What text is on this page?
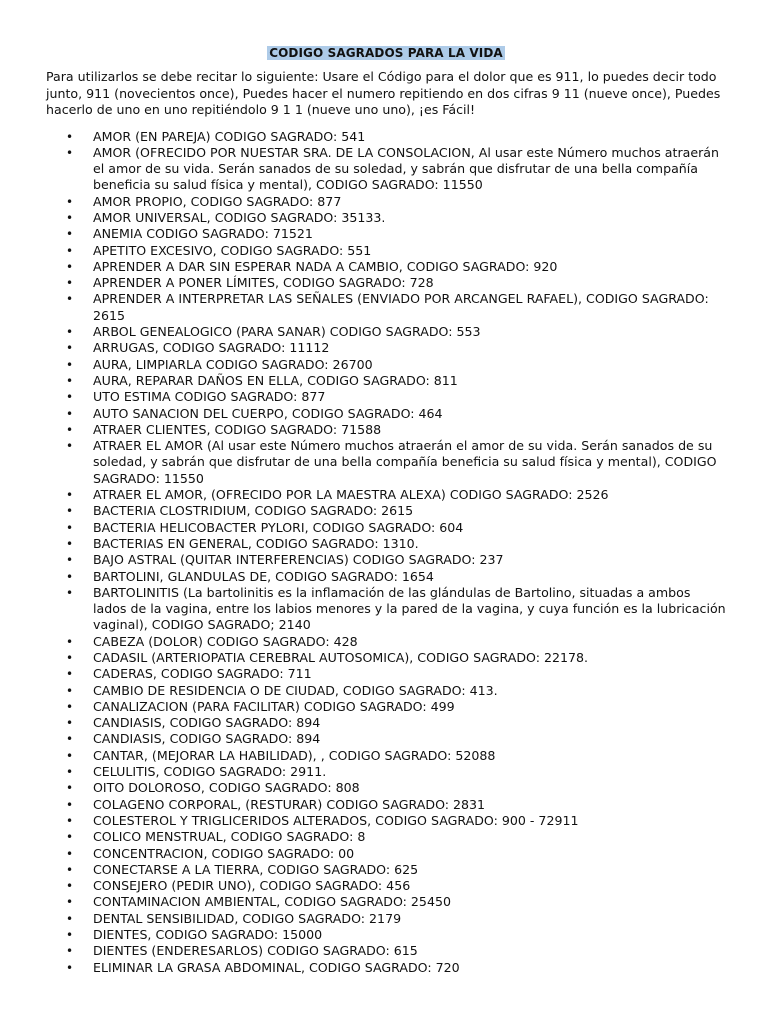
CODIGO SAGRADOS PARA LA VIDA

Para utilizarlos se debe recitar lo siguiente: Usare el Código para el dolor que es 911, lo puedes decir todo junto, 911 (novecientos once), Puedes hacer el numero repitiendo en dos cifras 9 11 (nueve once), Puedes hacerlo de uno en uno repitiéndolo 9 1 1 (nueve uno uno), ¡es Fácil!

• AMOR (EN PAREJA) CODIGO SAGRADO: 541
• AMOR (OFRECIDO POR NUESTAR SRA. DE LA CONSOLACION, Al usar este Número muchos atraerán el amor de su vida. Serán sanados de su soledad, y sabrán que disfrutar de una bella compañía beneficia su salud física y mental), CODIGO SAGRADO: 11550
• AMOR PROPIO, CODIGO SAGRADO: 877
• AMOR UNIVERSAL, CODIGO SAGRADO: 35133.
• ANEMIA CODIGO SAGRADO: 71521
• APETITO EXCESIVO, CODIGO SAGRADO: 551
• APRENDER A DAR SIN ESPERAR NADA A CAMBIO, CODIGO SAGRADO: 920
• APRENDER A PONER LÍMITES, CODIGO SAGRADO: 728
• APRENDER A INTERPRETAR LAS SEÑALES (ENVIADO POR ARCANGEL RAFAEL), CODIGO SAGRADO: 2615
• ARBOL GENEALOGICO (PARA SANAR) CODIGO SAGRADO: 553
• ARRUGAS, CODIGO SAGRADO: 11112
• AURA, LIMPIARLA CODIGO SAGRADO: 26700
• AURA, REPARAR DAÑOS EN ELLA, CODIGO SAGRADO: 811
• UTO ESTIMA CODIGO SAGRADO: 877
• AUTO SANACION DEL CUERPO, CODIGO SAGRADO: 464
• ATRAER CLIENTES, CODIGO SAGRADO: 71588
• ATRAER EL AMOR (Al usar este Número muchos atraerán el amor de su vida. Serán sanados de su soledad, y sabrán que disfrutar de una bella compañía beneficia su salud física y mental), CODIGO SAGRADO: 11550
• ATRAER EL AMOR, (OFRECIDO POR LA MAESTRA ALEXA) CODIGO SAGRADO: 2526
• BACTERIA CLOSTRIDIUM, CODIGO SAGRADO: 2615
• BACTERIA HELICOBACTER PYLORI, CODIGO SAGRADO: 604
• BACTERIAS EN GENERAL, CODIGO SAGRADO: 1310.
• BAJO ASTRAL (QUITAR INTERFERENCIAS) CODIGO SAGRADO: 237
• BARTOLINI, GLANDULAS DE, CODIGO SAGRADO: 1654
• BARTOLINITIS (La bartolinitis es la inflamación de las glándulas de Bartolino, situadas a ambos lados de la vagina, entre los labios menores y la pared de la vagina, y cuya función es la lubricación vaginal), CODIGO SAGRADO; 2140
• CABEZA (DOLOR) CODIGO SAGRADO: 428
• CADASIL (ARTERIOPATIA CEREBRAL AUTOSOMICA), CODIGO SAGRADO: 22178.
• CADERAS, CODIGO SAGRADO: 711
• CAMBIO DE RESIDENCIA O DE CIUDAD, CODIGO SAGRADO: 413.
• CANALIZACION (PARA FACILITAR) CODIGO SAGRADO: 499
• CANDIASIS, CODIGO SAGRADO: 894
• CANDIASIS, CODIGO SAGRADO: 894
• CANTAR, (MEJORAR LA HABILIDAD), , CODIGO SAGRADO: 52088
• CELULITIS, CODIGO SAGRADO: 2911.
• OITO DOLOROSO, CODIGO SAGRADO: 808
• COLAGENO CORPORAL, (RESTURAR) CODIGO SAGRADO: 2831
• COLESTEROL Y TRIGLICERIDOS ALTERADOS, CODIGO SAGRADO: 900 - 72911
• COLICO MENSTRUAL, CODIGO SAGRADO: 8
• CONCENTRACION, CODIGO SAGRADO: 00
• CONECTARSE A LA TIERRA, CODIGO SAGRADO: 625
• CONSEJERO (PEDIR UNO), CODIGO SAGRADO: 456
• CONTAMINACION AMBIENTAL, CODIGO SAGRADO: 25450
• DENTAL SENSIBILIDAD, CODIGO SAGRADO: 2179
• DIENTES, CODIGO SAGRADO: 15000
• DIENTES (ENDERESARLOS) CODIGO SAGRADO: 615
• ELIMINAR LA GRASA ABDOMINAL, CODIGO SAGRADO: 720
